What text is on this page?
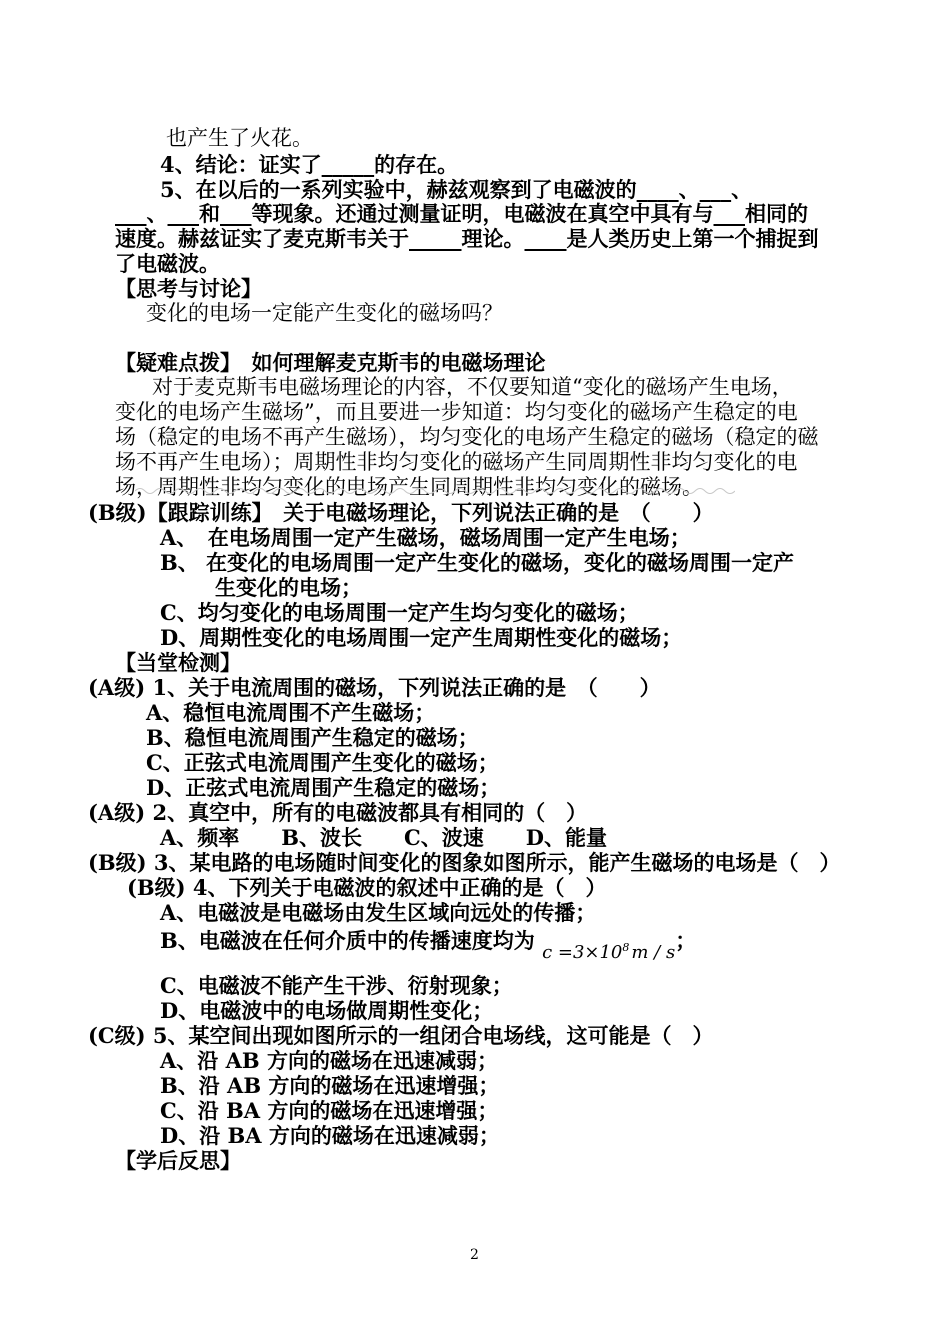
也产生了火花。
4、结论：证实了_____的存在。
5、在以后的一系列实验中，赫兹观察到了电磁波的____、___、
___、___和___等现象。还通过测量证明，电磁波在真空中具有与___相同的
速度。赫兹证实了麦克斯韦关于_____理论。____是人类历史上第一个捕捉到
了电磁波。
【思考与讨论】
变化的电场一定能产生变化的磁场吗？
【疑难点拨】　如何理解麦克斯韦的电磁场理论
对于麦克斯韦电磁场理论的内容，不仅要知道“变化的磁场产生电场，
变化的电场产生磁场”，而且要进一步知道：均匀变化的磁场产生稳定的电
场（稳定的电场不再产生磁场），均匀变化的电场产生稳定的磁场（稳定的磁
场不再产生电场）；周期性非均匀变化的磁场产生同周期性非均匀变化的电
场，周期性非均匀变化的电场产生同周期性非均匀变化的磁场。
(B级)【跟踪训练】　关于电磁场理论，下列说法正确的是　（　　）
A、　在电场周围一定产生磁场，磁场周围一定产生电场；
B、 在变化的电场周围一定产生变化的磁场，变化的磁场周围一定产
生变化的电场；
C、均匀变化的电场周围一定产生均匀变化的磁场；
D、周期性变化的电场周围一定产生周期性变化的磁场；
【当堂检测】
(A级) 1、关于电流周围的磁场，下列说法正确的是　（　　）
A、稳恒电流周围不产生磁场；
B、稳恒电流周围产生稳定的磁场；
C、正弦式电流周围产生变化的磁场；
D、正弦式电流周围产生稳定的磁场；
(A级) 2、真空中，所有的电磁波都具有相同的（　）
A、频率　　B、波长　　C、波速　　D、能量
(B级) 3、某电路的电场随时间变化的图象如图所示，能产生磁场的电场是（　）
(B级) 4、下列关于电磁波的叙述中正确的是（　）
A、电磁波是电磁场由发生区域向远处的传播；
B、电磁波在任何介质中的传播速度均为 $c =3\times 10^8$ m / s；
C、电磁波不能产生干涉、衍射现象；
D、电磁波中的电场做周期性变化；
(C级) 5、某空间出现如图所示的一组闭合电场线，这可能是（　）
A、沿 AB 方向的磁场在迅速减弱；
B、沿 AB 方向的磁场在迅速增强；
C、沿 BA 方向的磁场在迅速增强；
D、沿 BA 方向的磁场在迅速减弱；
【学后反思】
2
